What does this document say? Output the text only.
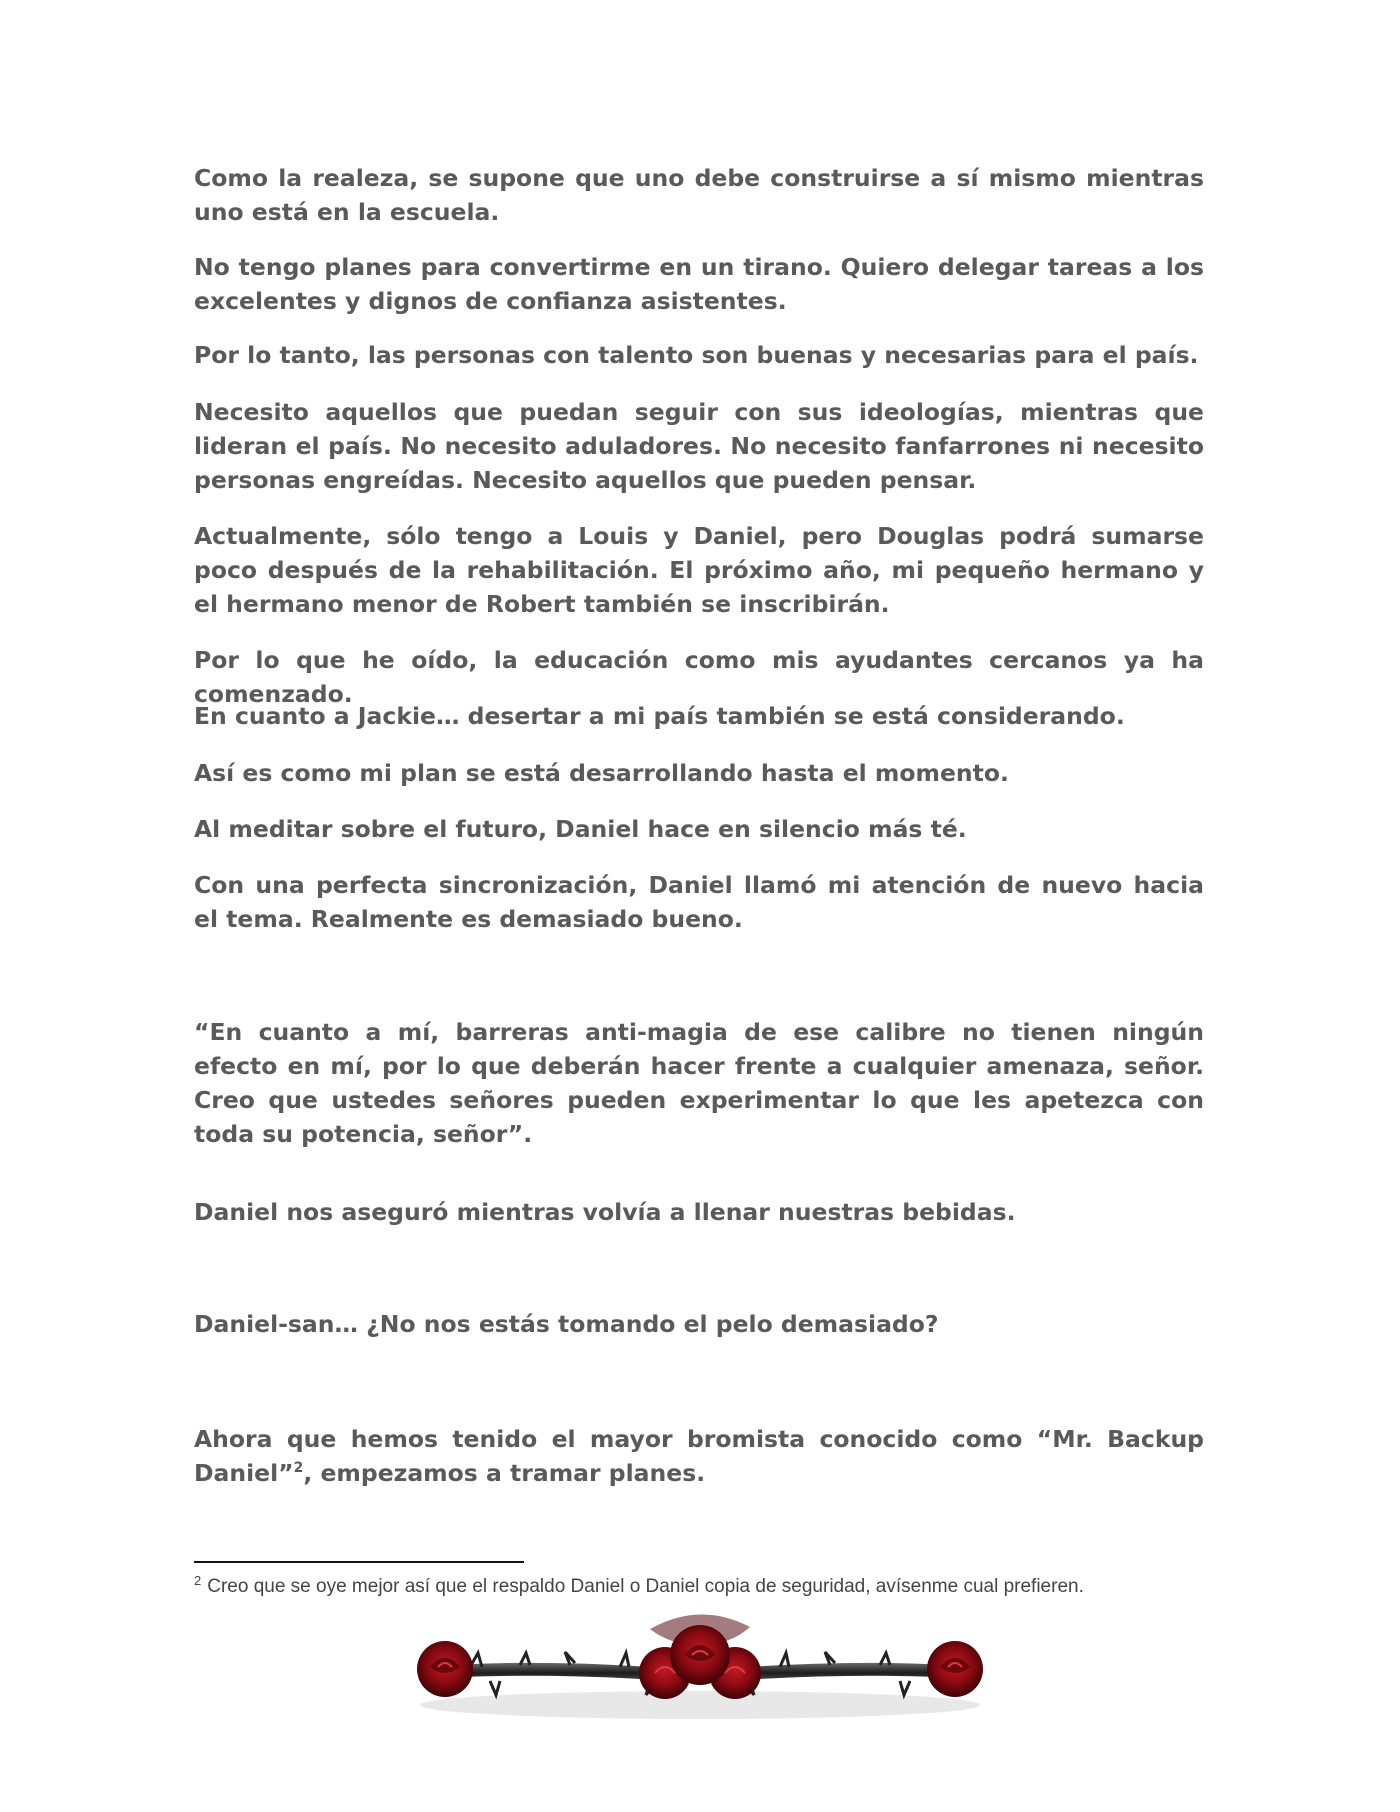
Como la realeza, se supone que uno debe construirse a sí mismo mientras uno está en la escuela.

No tengo planes para convertirme en un tirano. Quiero delegar tareas a los excelentes y dignos de confianza asistentes.

Por lo tanto, las personas con talento son buenas y necesarias para el país.

Necesito aquellos que puedan seguir con sus ideologías, mientras que lideran el país. No necesito aduladores. No necesito fanfarrones ni necesito personas engreídas. Necesito aquellos que pueden pensar.

Actualmente, sólo tengo a Louis y Daniel, pero Douglas podrá sumarse poco después de la rehabilitación. El próximo año, mi pequeño hermano y el hermano menor de Robert también se inscribirán.

Por lo que he oído, la educación como mis ayudantes cercanos ya ha comenzado.

En cuanto a Jackie… desertar a mi país también se está considerando.

Así es como mi plan se está desarrollando hasta el momento.

Al meditar sobre el futuro, Daniel hace en silencio más té.

Con una perfecta sincronización, Daniel llamó mi atención de nuevo hacia el tema. Realmente es demasiado bueno.

“En cuanto a mí, barreras anti-magia de ese calibre no tienen ningún efecto en mí, por lo que deberán hacer frente a cualquier amenaza, señor. Creo que ustedes señores pueden experimentar lo que les apetezca con toda su potencia, señor”.

Daniel nos aseguró mientras volvía a llenar nuestras bebidas.

Daniel-san… ¿No nos estás tomando el pelo demasiado?

Ahora que hemos tenido el mayor bromista conocido como “Mr. Backup Daniel”$^2$, empezamos a tramar planes.

$^2$ Creo que se oye mejor así que el respaldo Daniel o Daniel copia de seguridad, avísenme cual prefieren.
